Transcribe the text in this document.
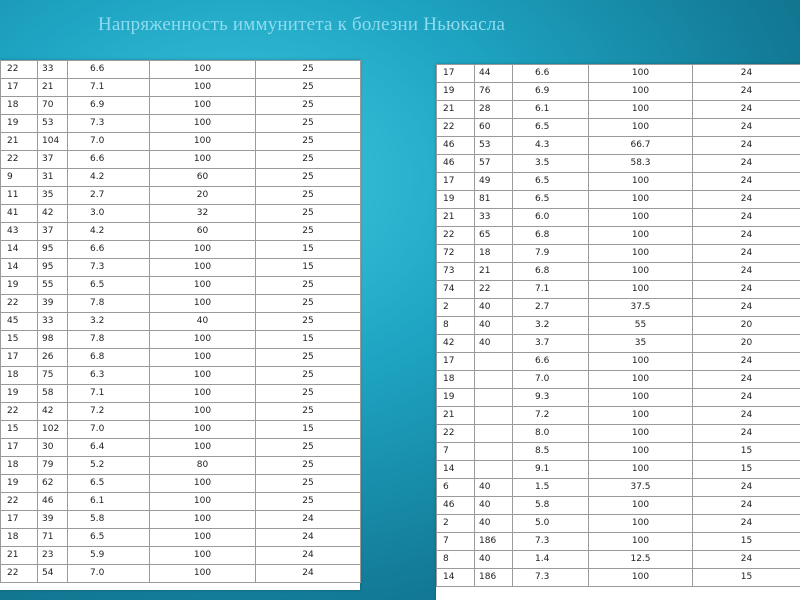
Напряженность иммунитета к болезни Ньюкасла
22	33	6.6	100	25
17	21	7.1	100	25
18	70	6.9	100	25
19	53	7.3	100	25
21	104	7.0	100	25
22	37	6.6	100	25
9	31	4.2	60	25
11	35	2.7	20	25
41	42	3.0	32	25
43	37	4.2	60	25
14	95	6.6	100	15
14	95	7.3	100	15
19	55	6.5	100	25
22	39	7.8	100	25
45	33	3.2	40	25
15	98	7.8	100	15
17	26	6.8	100	25
18	75	6.3	100	25
19	58	7.1	100	25
22	42	7.2	100	25
15	102	7.0	100	15
17	30	6.4	100	25
18	79	5.2	80	25
19	62	6.5	100	25
22	46	6.1	100	25
17	39	5.8	100	24
18	71	6.5	100	24
21	23	5.9	100	24
22	54	7.0	100	24
17	44	6.6	100	24
19	76	6.9	100	24
21	28	6.1	100	24
22	60	6.5	100	24
46	53	4.3	66.7	24
46	57	3.5	58.3	24
17	49	6.5	100	24
19	81	6.5	100	24
21	33	6.0	100	24
22	65	6.8	100	24
72	18	7.9	100	24
73	21	6.8	100	24
74	22	7.1	100	24
2	40	2.7	37.5	24
8	40	3.2	55	20
42	40	3.7	35	20
17		6.6	100	24
18		7.0	100	24
19		9.3	100	24
21		7.2	100	24
22		8.0	100	24
7		8.5	100	15
14		9.1	100	15
6	40	1.5	37.5	24
46	40	5.8	100	24
2	40	5.0	100	24
7	186	7.3	100	15
8	40	1.4	12.5	24
14	186	7.3	100	15
